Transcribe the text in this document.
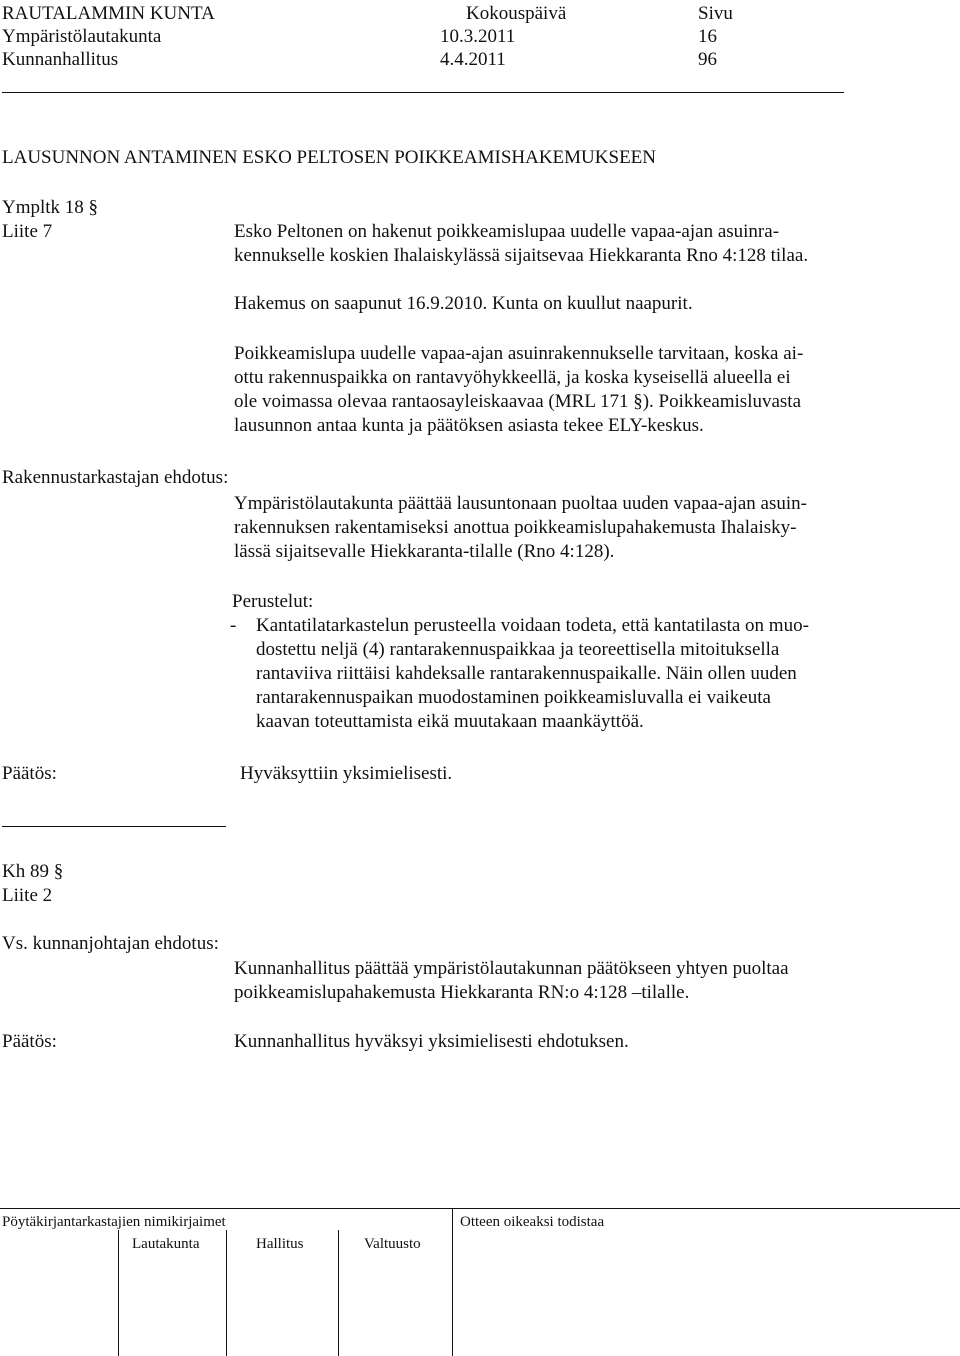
RAUTALAMMIN KUNTA	Kokouspäivä	Sivu
Ympäristölautakunta	10.3.2011	16
Kunnanhallitus	4.4.2011	96
LAUSUNNON ANTAMINEN ESKO PELTOSEN POIKKEAMISHAKEMUKSEEN
Ympltk 18 §
Liite 7	Esko Peltonen on hakenut poikkeamislupaa uudelle vapaa-ajan asuinra-
kennukselle koskien Ihalaiskylässä sijaitsevaa Hiekkaranta Rno 4:128 tilaa.
Hakemus on saapunut 16.9.2010. Kunta on kuullut naapurit.
Poikkeamislupa uudelle vapaa-ajan asuinrakennukselle tarvitaan, koska ai-
ottu rakennuspaikka on rantavyöhykkeellä, ja koska kyseisellä alueella ei
ole voimassa olevaa rantaosayleiskaavaa (MRL 171 §). Poikkeamisluvasta
lausunnon antaa kunta ja päätöksen asiasta tekee ELY-keskus.
Rakennustarkastajan ehdotus:
Ympäristölautakunta päättää lausuntonaan puoltaa uuden vapaa-ajan asuin-
rakennuksen rakentamiseksi anottua poikkeamislupahakemusta Ihalaisky-
lässä sijaitsevalle Hiekkaranta-tilalle (Rno 4:128).
Perustelut:
- Kantatilatarkastelun perusteella voidaan todeta, että kantatilasta on muo-
dostettu neljä (4) rantarakennuspaikkaa ja teoreettisella mitoituksella
rantaviiva riittäisi kahdeksalle rantarakennuspaikalle. Näin ollen uuden
rantarakennuspaikan muodostaminen poikkeamisluvalla ei vaikeuta
kaavan toteuttamista eikä muutakaan maankäyttöä.
Päätös:	Hyväksyttiin yksimielisesti.
Kh 89 §
Liite 2
Vs. kunnanjohtajan ehdotus:
Kunnanhallitus päättää ympäristölautakunnan päätökseen yhtyen puoltaa
poikkeamislupahakemusta Hiekkaranta RN:o 4:128 –tilalle.
Päätös:	Kunnanhallitus hyväksyi yksimielisesti ehdotuksen.
Pöytäkirjantarkastajien nimikirjaimet	Otteen oikeaksi todistaa
Lautakunta	Hallitus	Valtuusto
